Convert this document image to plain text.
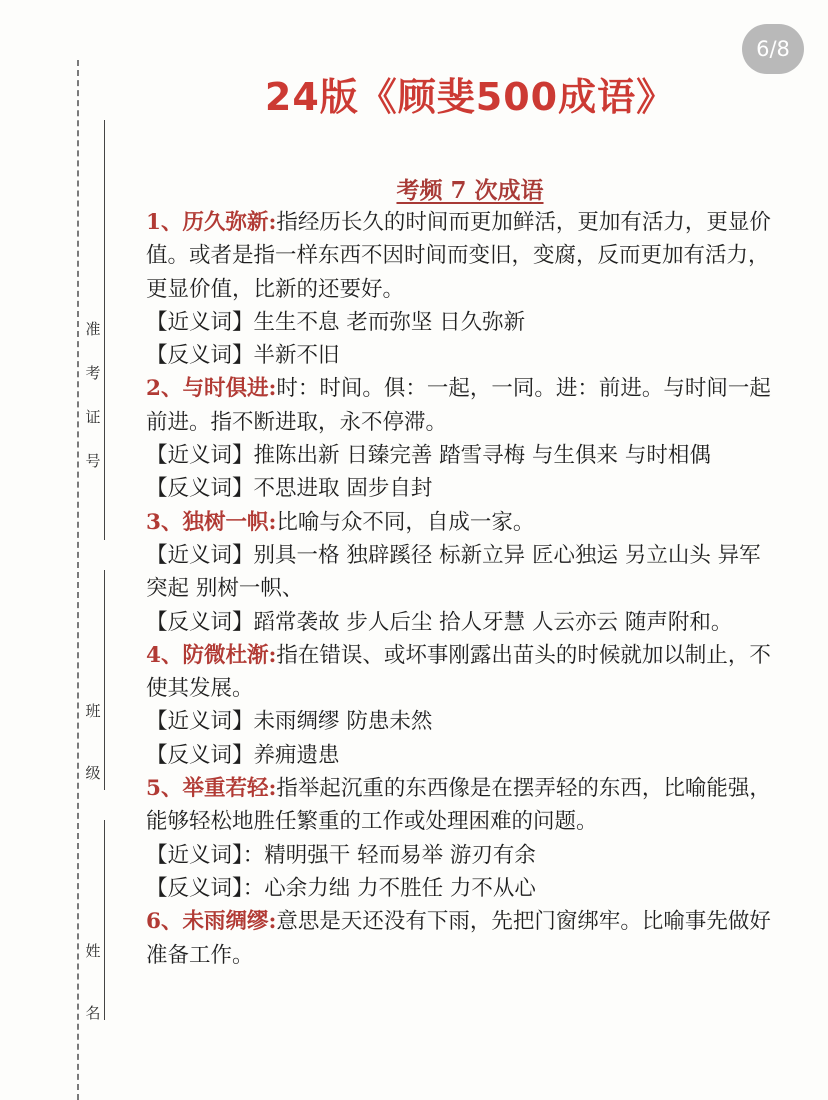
6/8
准
考
证
号
班
级
姓
名
24版《顾斐500成语》
考频 7 次成语

1、历久弥新:指经历长久的时间而更加鲜活，更加有活力，更显价值。或者是指一样东西不因时间而变旧，变腐，反而更加有活力，更显价值，比新的还要好。

【近义词】生生不息 老而弥坚 日久弥新

【反义词】半新不旧

2、与时俱进:时：时间。俱：一起，一同。进：前进。与时间一起前进。指不断进取，永不停滞。

【近义词】推陈出新 日臻完善 踏雪寻梅 与生俱来 与时相偶

【反义词】不思进取 固步自封

3、独树一帜:比喻与众不同，自成一家。

【近义词】别具一格 独辟蹊径 标新立异 匠心独运 另立山头 异军突起 别树一帜、

【反义词】蹈常袭故 步人后尘 拾人牙慧 人云亦云 随声附和。

4、防微杜渐:指在错误、或坏事刚露出苗头的时候就加以制止，不使其发展。

【近义词】未雨绸缪 防患未然

【反义词】养痈遗患

5、举重若轻:指举起沉重的东西像是在摆弄轻的东西，比喻能强，能够轻松地胜任繁重的工作或处理困难的问题。

【近义词】：精明强干 轻而易举 游刃有余

【反义词】：心余力绌 力不胜任 力不从心

6、未雨绸缪:意思是天还没有下雨，先把门窗绑牢。比喻事先做好准备工作。
